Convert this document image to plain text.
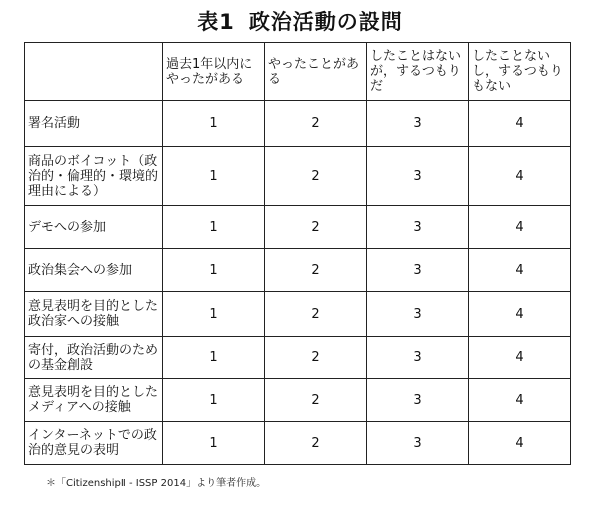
表1 政治活動の設問
	過去1年以内にやったがある	やったことがある	したことはないが，するつもりだ	したことないし，するつもりもない
署名活動	1	2	3	4
商品のボイコット（政治的・倫理的・環境的理由による）	1	2	3	4
デモへの参加	1	2	3	4
政治集会への参加	1	2	3	4
意見表明を目的とした政治家への接触	1	2	3	4
寄付，政治活動のための基金創設	1	2	3	4
意見表明を目的としたメディアへの接触	1	2	3	4
インターネットでの政治的意見の表明	1	2	3	4
＊「CitizenshipⅡ - ISSP 2014」より筆者作成。
